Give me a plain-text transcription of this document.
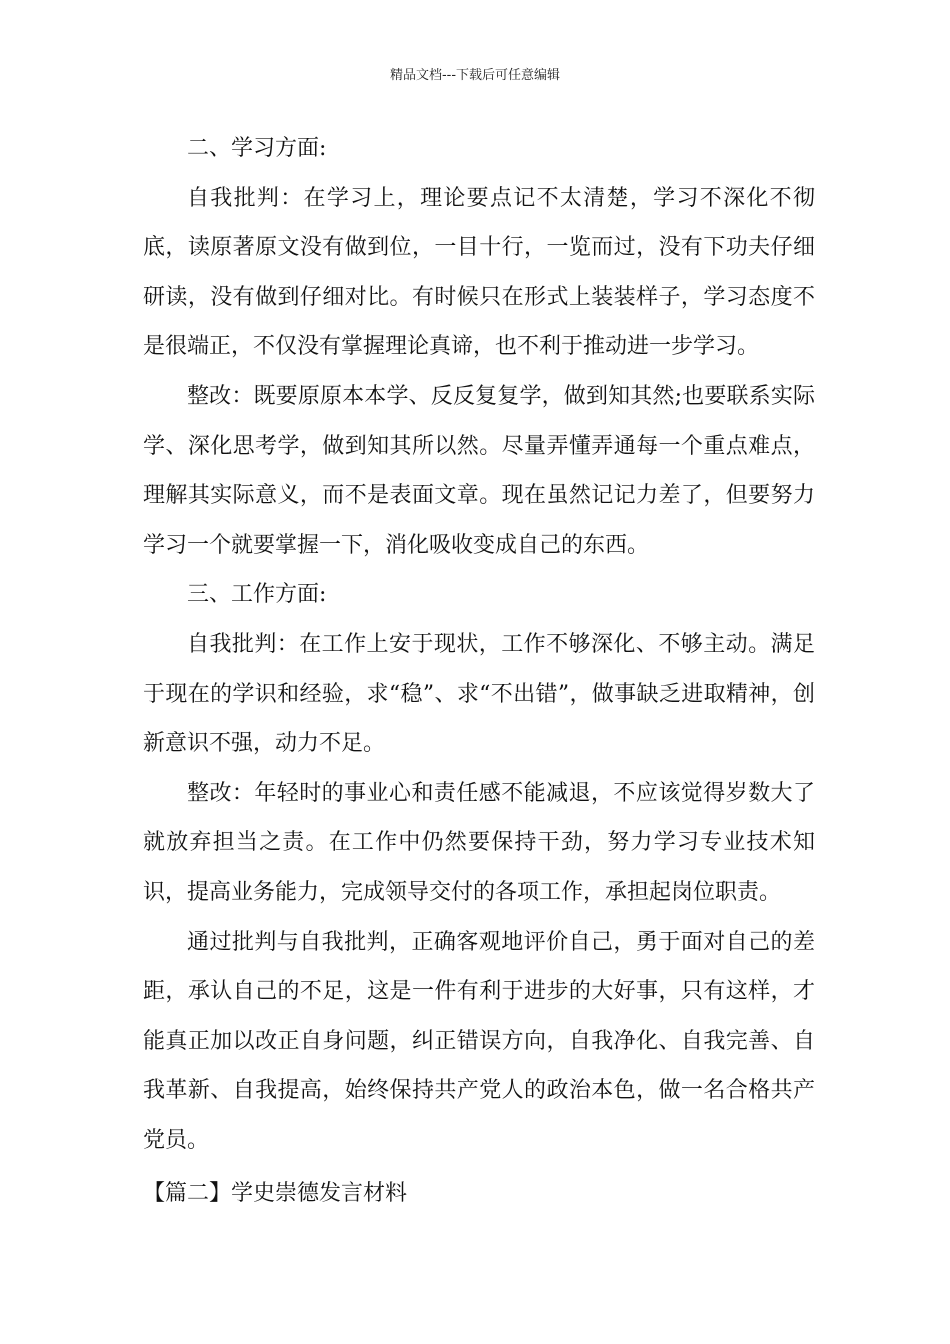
精品文档---下载后可任意编辑

二、学习方面:

自我批判：在学习上，理论要点记不太清楚，学习不深化不彻底，读原著原文没有做到位，一目十行，一览而过，没有下功夫仔细研读，没有做到仔细对比。有时候只在形式上装装样子，学习态度不是很端正，不仅没有掌握理论真谛，也不利于推动进一步学习。

整改：既要原原本本学、反反复复学，做到知其然;也要联系实际学、深化思考学，做到知其所以然。尽量弄懂弄通每一个重点难点，理解其实际意义，而不是表面文章。现在虽然记记力差了，但要努力学习一个就要掌握一下，消化吸收变成自己的东西。

三、工作方面:

自我批判：在工作上安于现状，工作不够深化、不够主动。满足于现在的学识和经验，求“稳”、求“不出错”，做事缺乏进取精神，创新意识不强，动力不足。

整改：年轻时的事业心和责任感不能减退，不应该觉得岁数大了就放弃担当之责。在工作中仍然要保持干劲，努力学习专业技术知识，提高业务能力，完成领导交付的各项工作，承担起岗位职责。

通过批判与自我批判，正确客观地评价自己，勇于面对自己的差距，承认自己的不足，这是一件有利于进步的大好事，只有这样，才能真正加以改正自身问题，纠正错误方向，自我净化、自我完善、自我革新、自我提高，始终保持共产党人的政治本色，做一名合格共产党员。

【篇二】学史崇德发言材料
